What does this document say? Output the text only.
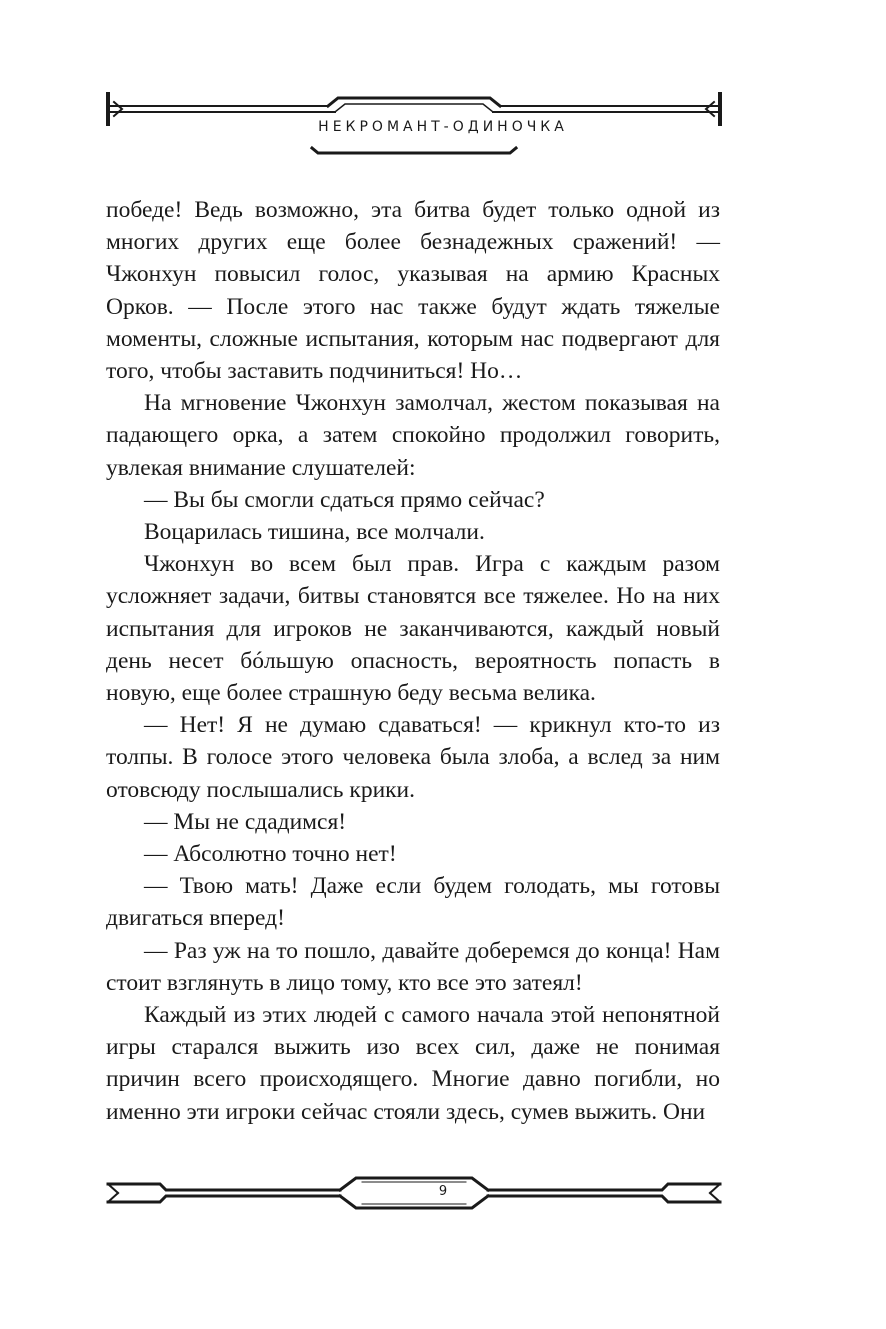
НЕКРОМАНТ-ОДИНОЧКА

победе! Ведь возможно, эта битва будет только одной из многих других еще более безнадежных сражений! — Чжонхун повысил голос, указывая на армию Красных Орков. — После этого нас также будут ждать тяжелые моменты, сложные испытания, которым нас подвергают для того, чтобы заставить подчиниться! Но…

На мгновение Чжонхун замолчал, жестом показывая на падающего орка, а затем спокойно продолжил говорить, увлекая внимание слушателей:

— Вы бы смогли сдаться прямо сейчас?

Воцарилась тишина, все молчали.

Чжонхун во всем был прав. Игра с каждым разом усложняет задачи, битвы становятся все тяжелее. Но на них испытания для игроков не заканчиваются, каждый новый день несет бóльшую опасность, вероятность попасть в новую, еще более страшную беду весьма велика.

— Нет! Я не думаю сдаваться! — крикнул кто-то из толпы. В голосе этого человека была злоба, а вслед за ним отовсюду послышались крики.

— Мы не сдадимся!

— Абсолютно точно нет!

— Твою мать! Даже если будем голодать, мы готовы двигаться вперед!

— Раз уж на то пошло, давайте доберемся до конца! Нам стоит взглянуть в лицо тому, кто все это затеял!

Каждый из этих людей с самого начала этой непонятной игры старался выжить изо всех сил, даже не понимая причин всего происходящего. Многие давно погибли, но именно эти игроки сейчас стояли здесь, сумев выжить. Они

9
